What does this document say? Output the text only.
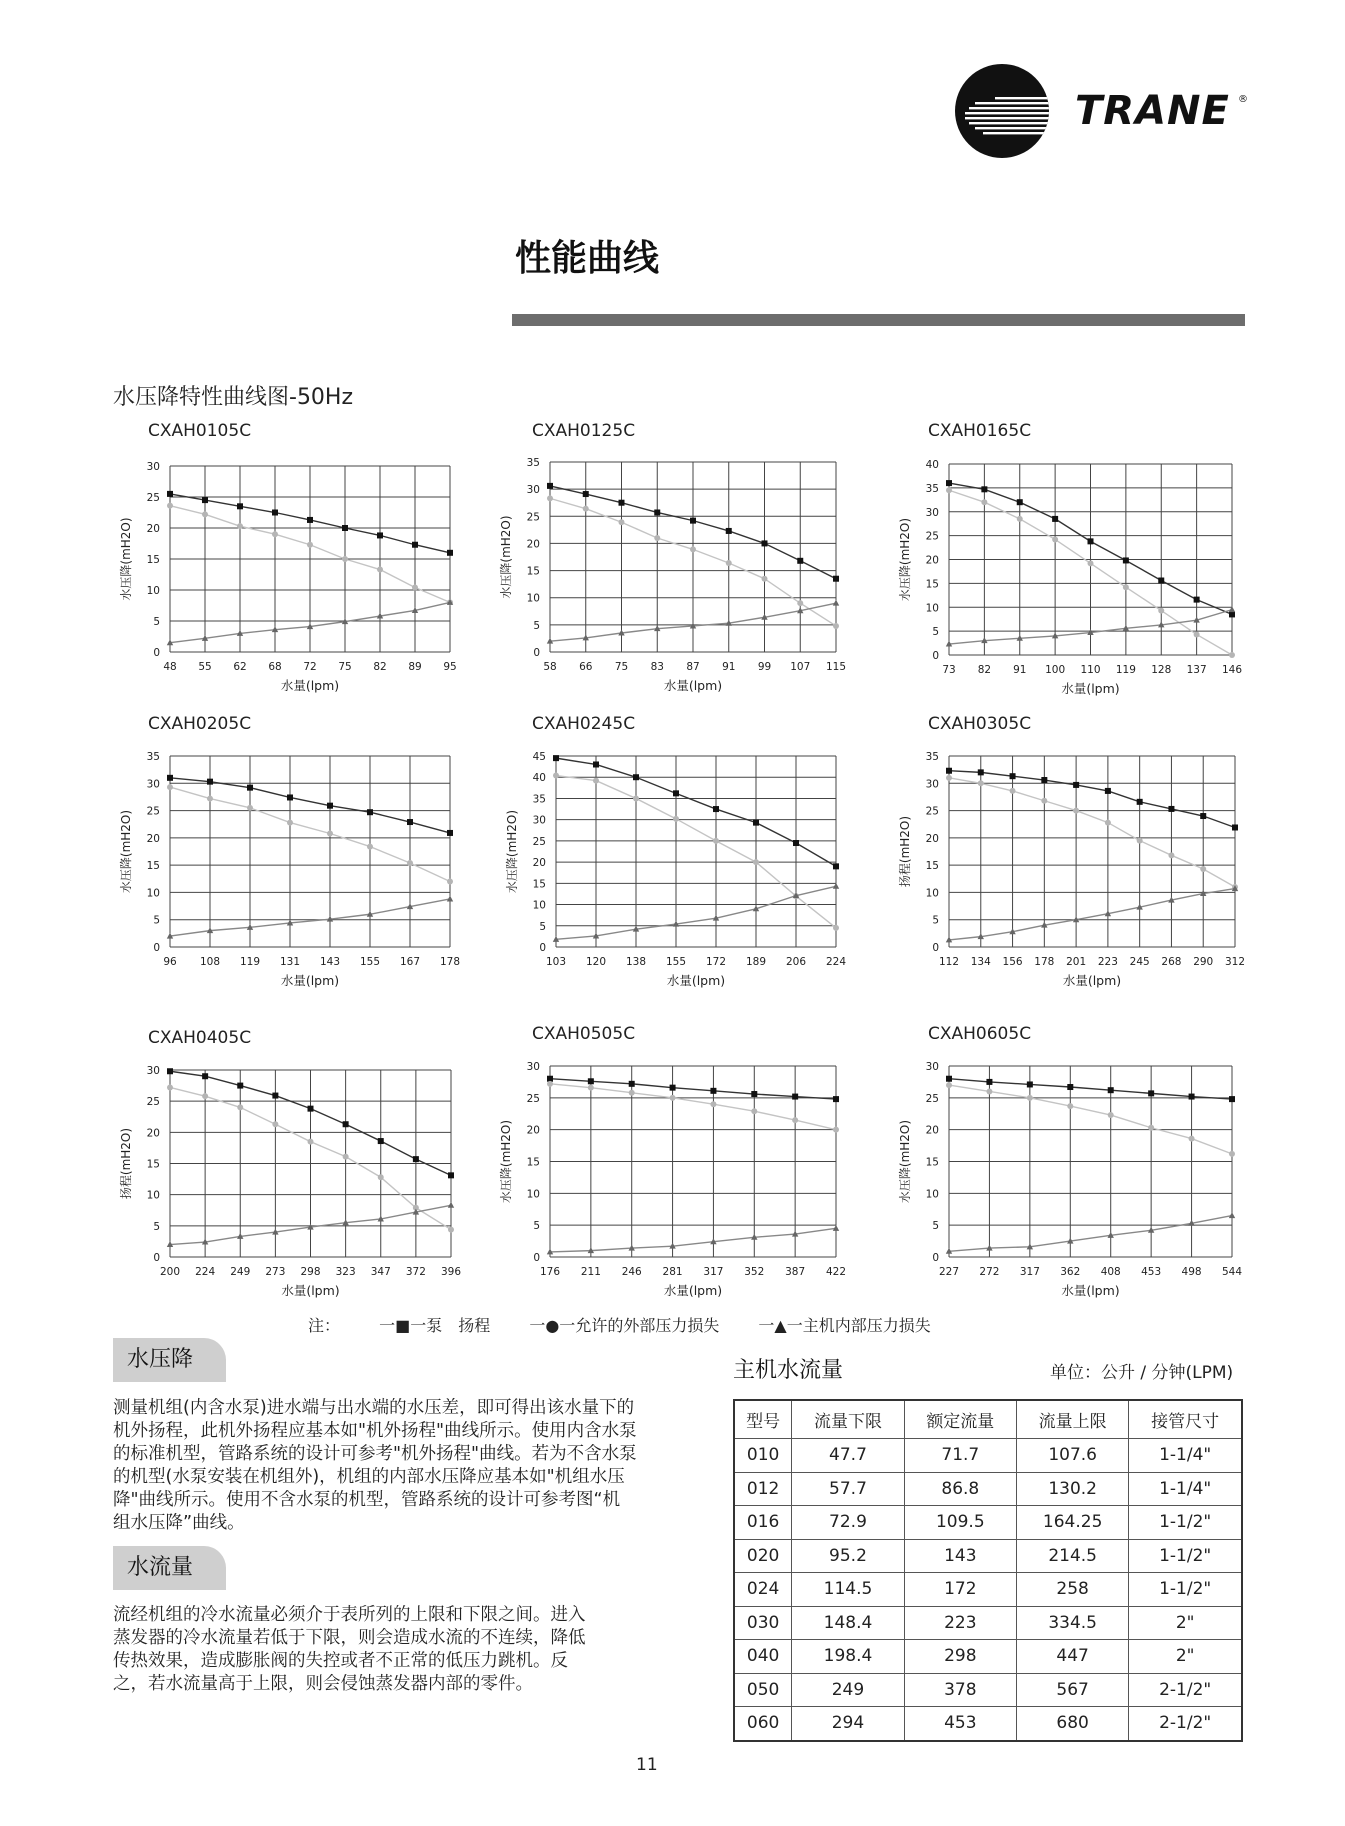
TRANE ®
性能曲线
水压降特性曲线图-50Hz
CXAH0105C	CXAH0125C	CXAH0165C
CXAH0205C	CXAH0245C	CXAH0305C
CXAH0405C	CXAH0505C	CXAH0605C
48 55 62 68 72 75 82 89 95
0
5
10
15
20
25
30
水量(lpm)
水压降(mH2O)
58 66 75 83 87 91 99 107 115
0
5
10
15
20
25
30
35
水量(lpm)
水压降(mH2O)
73 82 91 100 110 119 128 137 146
0
5
10
15
20
25
30
35
40
水量(lpm)
水压降(mH2O)
96 108 119 131 143 155 167 178
0
5
10
15
20
25
30
35
水量(lpm)
水压降(mH2O)
103 120 138 155 172 189 206 224
0
5
10
15
20
25
30
35
40
45
水量(lpm)
水压降(mH2O)
112 134 156 178 201 223 245 268 290 312
0
5
10
15
20
25
30
35
水量(lpm)
扬程(mH2O)
200 224 249 273 298 323 347 372 396
0
5
10
15
20
25
30
水量(lpm)
扬程(mH2O)
176 211 246 281 317 352 387 422
0
5
10
15
20
25
30
水量(lpm)
水压降(mH2O)
227 272 317 362 408 453 498 544
0
5
10
15
20
25
30
水量(lpm)
水压降(mH2O)
注： 一■一泵　扬程 一●一允许的外部压力损失 一▲一主机内部压力损失
水压降
测量机组(内含水泵)进水端与出水端的水压差，即可得出该水量下的
机外扬程，此机外扬程应基本如"机外扬程"曲线所示。使用内含水泵
的标准机型，管路系统的设计可参考"机外扬程"曲线。若为不含水泵
的机型(水泵安装在机组外)，机组的内部水压降应基本如"机组水压
降"曲线所示。使用不含水泵的机型，管路系统的设计可参考图“机
组水压降”曲线。
水流量
流经机组的冷水流量必须介于表所列的上限和下限之间。进入
蒸发器的冷水流量若低于下限，则会造成水流的不连续，降低
传热效果，造成膨胀阀的失控或者不正常的低压力跳机。反
之，若水流量高于上限，则会侵蚀蒸发器内部的零件。
主机水流量	单位：公升 / 分钟(LPM)
型号	流量下限	额定流量	流量上限	接管尺寸
010	47.7	71.7	107.6	1-1/4"
012	57.7	86.8	130.2	1-1/4"
016	72.9	109.5	164.25	1-1/2"
020	95.2	143	214.5	1-1/2"
024	114.5	172	258	1-1/2"
030	148.4	223	334.5	2"
040	198.4	298	447	2"
050	249	378	567	2-1/2"
060	294	453	680	2-1/2"
11
